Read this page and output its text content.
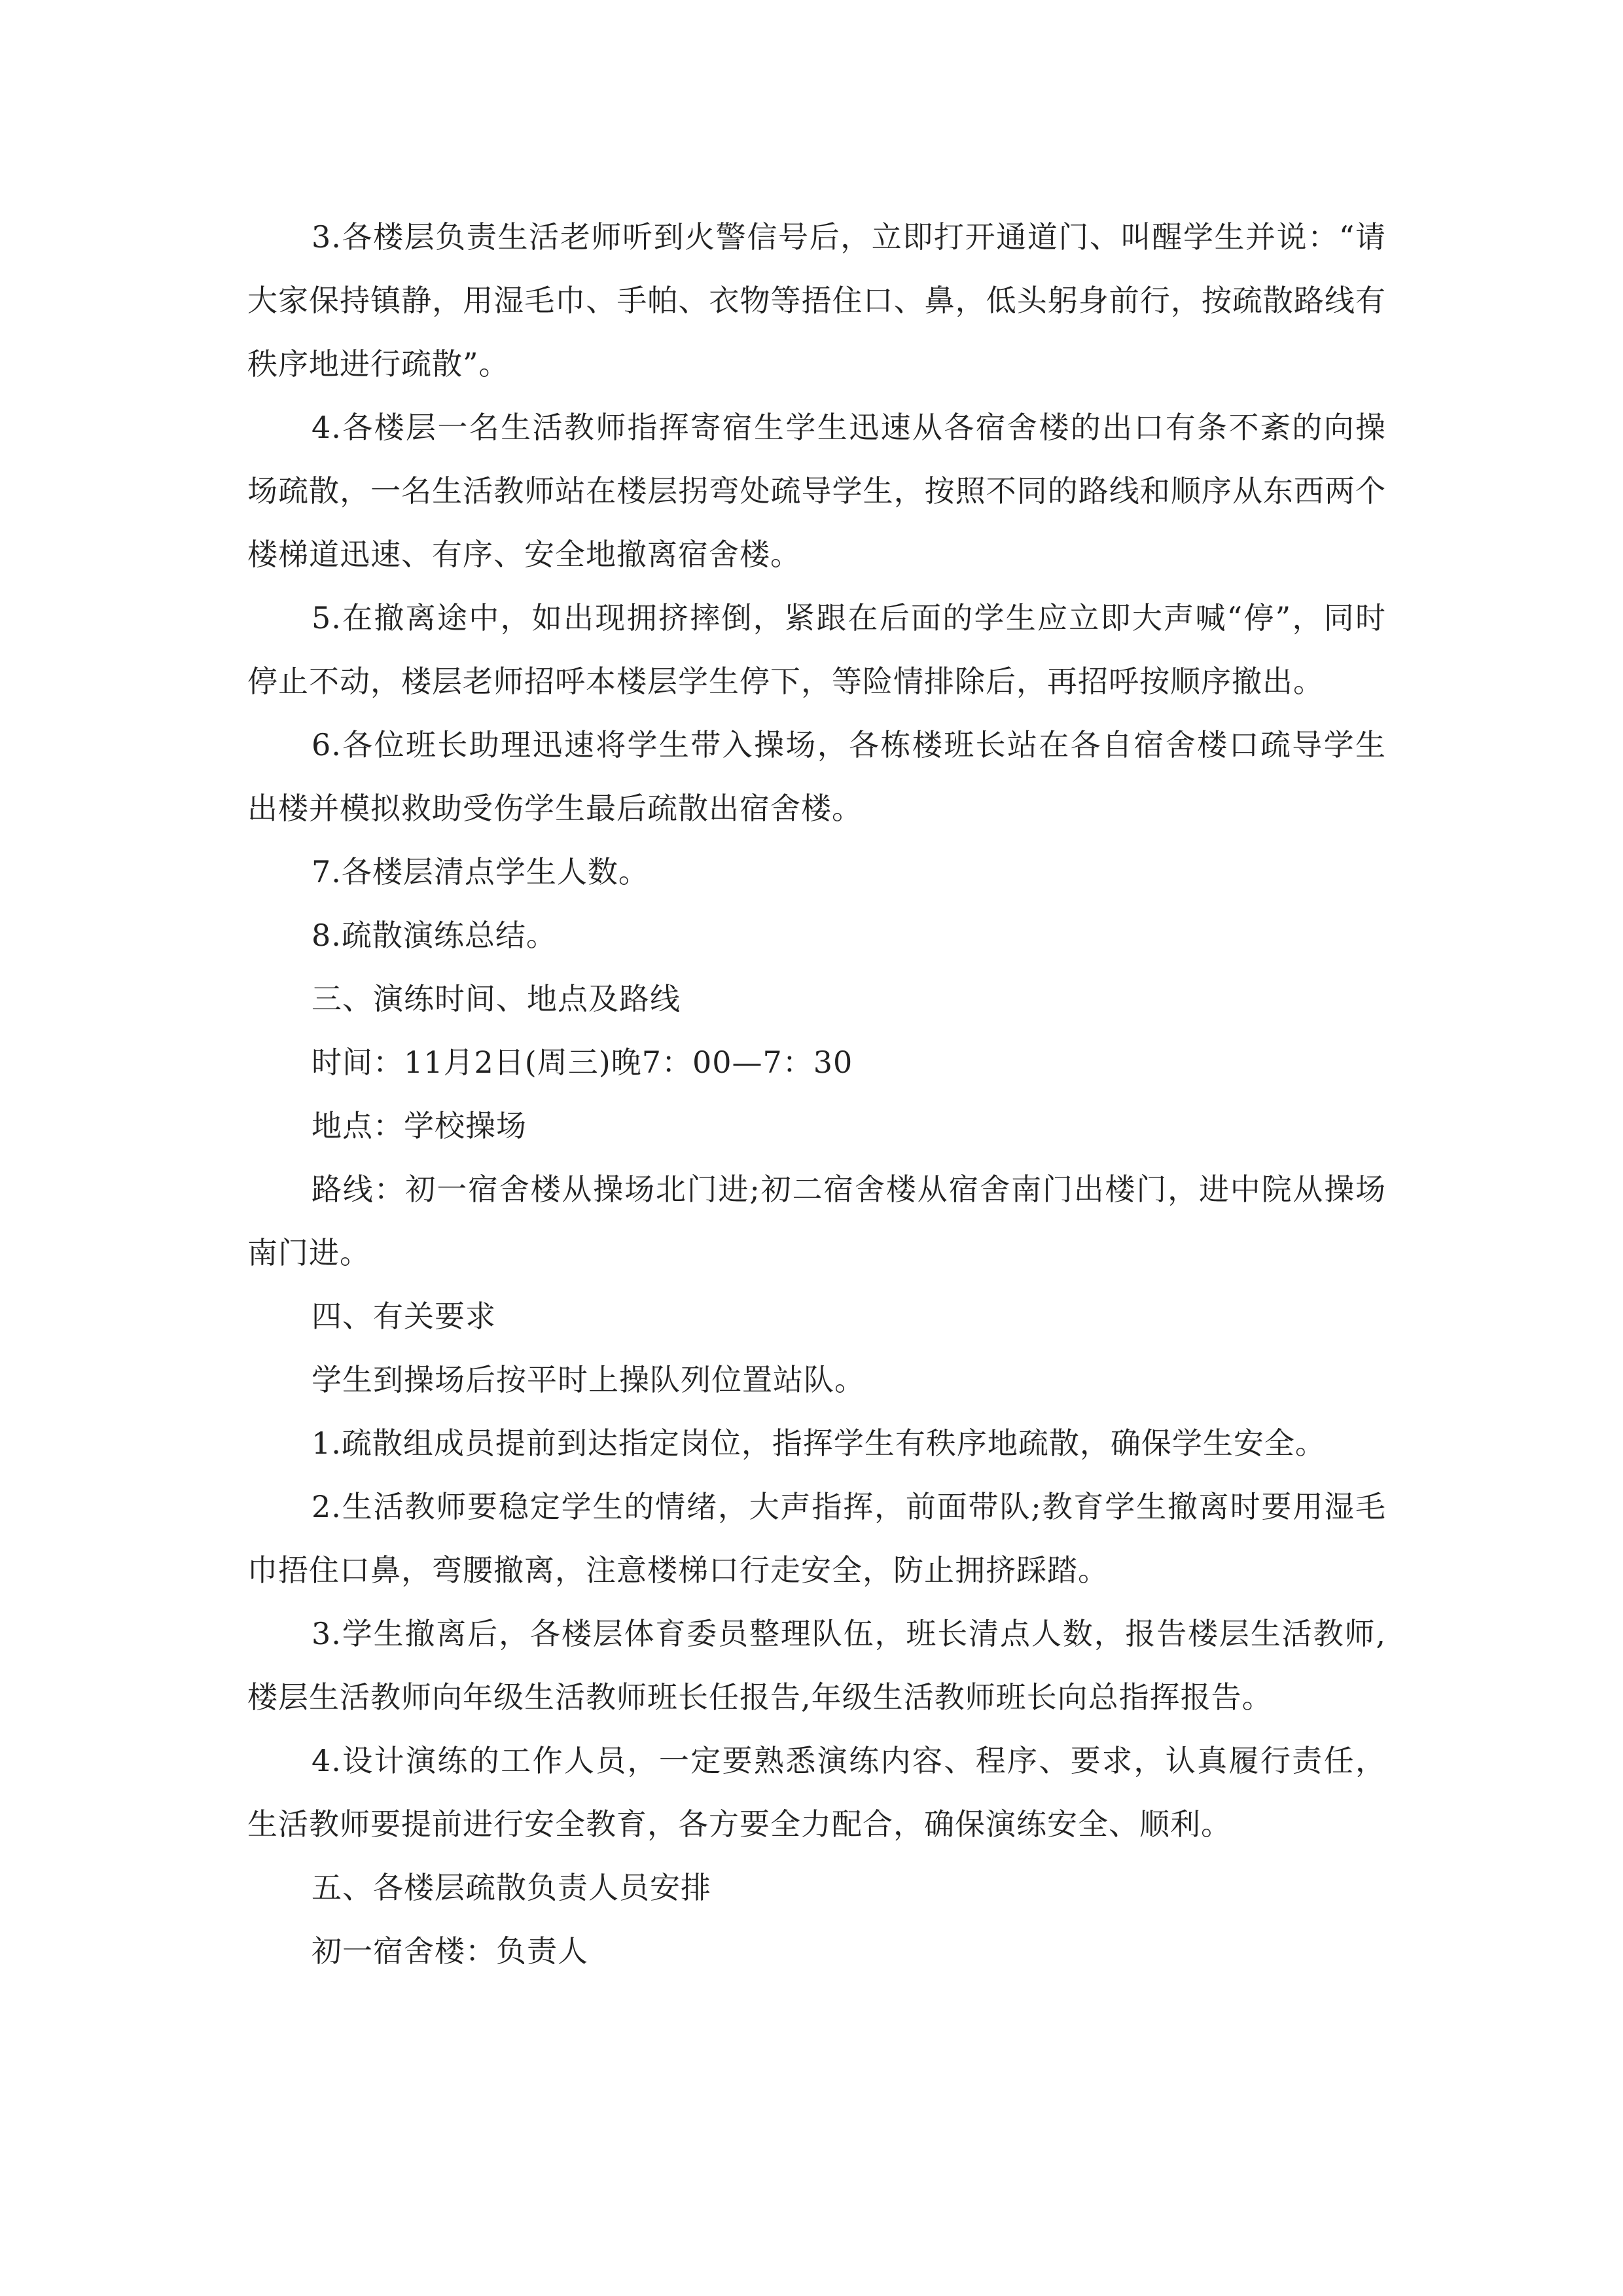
3.各楼层负责生活老师听到火警信号后，立即打开通道门、叫醒学生并说：“请大家保持镇静，用湿毛巾、手帕、衣物等捂住口、鼻，低头躬身前行，按疏散路线有秩序地进行疏散”。

4.各楼层一名生活教师指挥寄宿生学生迅速从各宿舍楼的出口有条不紊的向操场疏散，一名生活教师站在楼层拐弯处疏导学生，按照不同的路线和顺序从东西两个楼梯道迅速、有序、安全地撤离宿舍楼。

5.在撤离途中，如出现拥挤摔倒，紧跟在后面的学生应立即大声喊“停”，同时停止不动，楼层老师招呼本楼层学生停下，等险情排除后，再招呼按顺序撤出。

6.各位班长助理迅速将学生带入操场，各栋楼班长站在各自宿舍楼口疏导学生出楼并模拟救助受伤学生最后疏散出宿舍楼。

7.各楼层清点学生人数。

8.疏散演练总结。

三、演练时间、地点及路线

时间：11月2日(周三)晚7：00—7：30

地点：学校操场

路线：初一宿舍楼从操场北门进;初二宿舍楼从宿舍南门出楼门，进中院从操场南门进。

四、有关要求

学生到操场后按平时上操队列位置站队。

1.疏散组成员提前到达指定岗位，指挥学生有秩序地疏散，确保学生安全。

2.生活教师要稳定学生的情绪，大声指挥，前面带队;教育学生撤离时要用湿毛巾捂住口鼻，弯腰撤离，注意楼梯口行走安全，防止拥挤踩踏。

3.学生撤离后，各楼层体育委员整理队伍，班长清点人数，报告楼层生活教师,楼层生活教师向年级生活教师班长任报告,年级生活教师班长向总指挥报告。

4.设计演练的工作人员，一定要熟悉演练内容、程序、要求，认真履行责任，生活教师要提前进行安全教育，各方要全力配合，确保演练安全、顺利。

五、各楼层疏散负责人员安排

初一宿舍楼：负责人
